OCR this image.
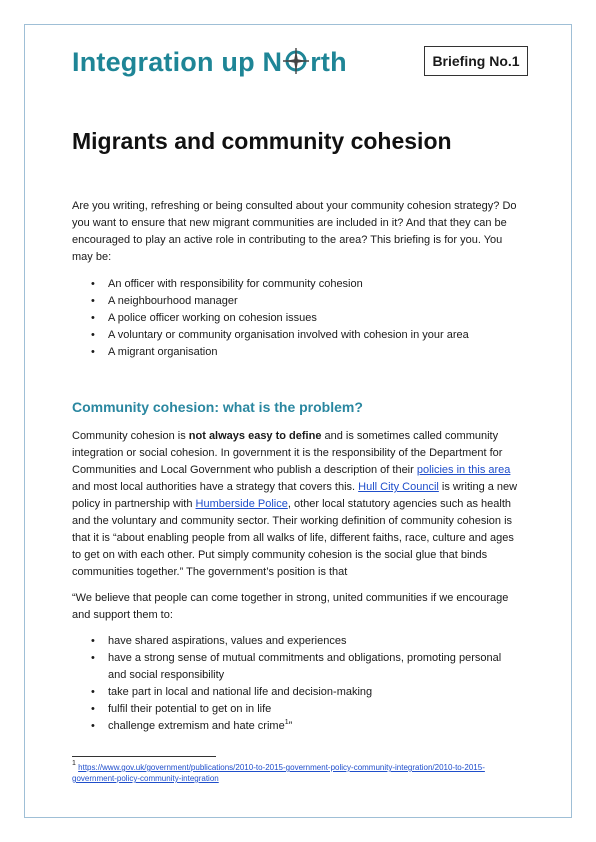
Integration up N rth	Briefing No.1
Migrants and community cohesion

Are you writing, refreshing or being consulted about your community cohesion strategy? Do you want to ensure that new migrant communities are included in it? And that they can be encouraged to play an active role in contributing to the area? This briefing is for you. You may be:

• An officer with responsibility for community cohesion
• A neighbourhood manager
• A police officer working on cohesion issues
• A voluntary or community organisation involved with cohesion in your area
• A migrant organisation
Community cohesion: what is the problem?

Community cohesion is not always easy to define and is sometimes called community integration or social cohesion. In government it is the responsibility of the Department for Communities and Local Government who publish a description of their policies in this area and most local authorities have a strategy that covers this. Hull City Council is writing a new policy in partnership with Humberside Police, other local statutory agencies such as health and the voluntary and community sector. Their working definition of community cohesion is that it is “about enabling people from all walks of life, different faiths, race, culture and ages to get on with each other. Put simply community cohesion is the social glue that binds communities together.” The government’s position is that

“We believe that people can come together in strong, united communities if we encourage and support them to:

• have shared aspirations, values and experiences
• have a strong sense of mutual commitments and obligations, promoting personal and social responsibility
• take part in local and national life and decision-making
• fulfil their potential to get on in life
• challenge extremism and hate crime$^1$”
$^1$ https://www.gov.uk/government/publications/2010-to-2015-government-policy-community-integration/2010-to-2015-government-policy-community-integration
